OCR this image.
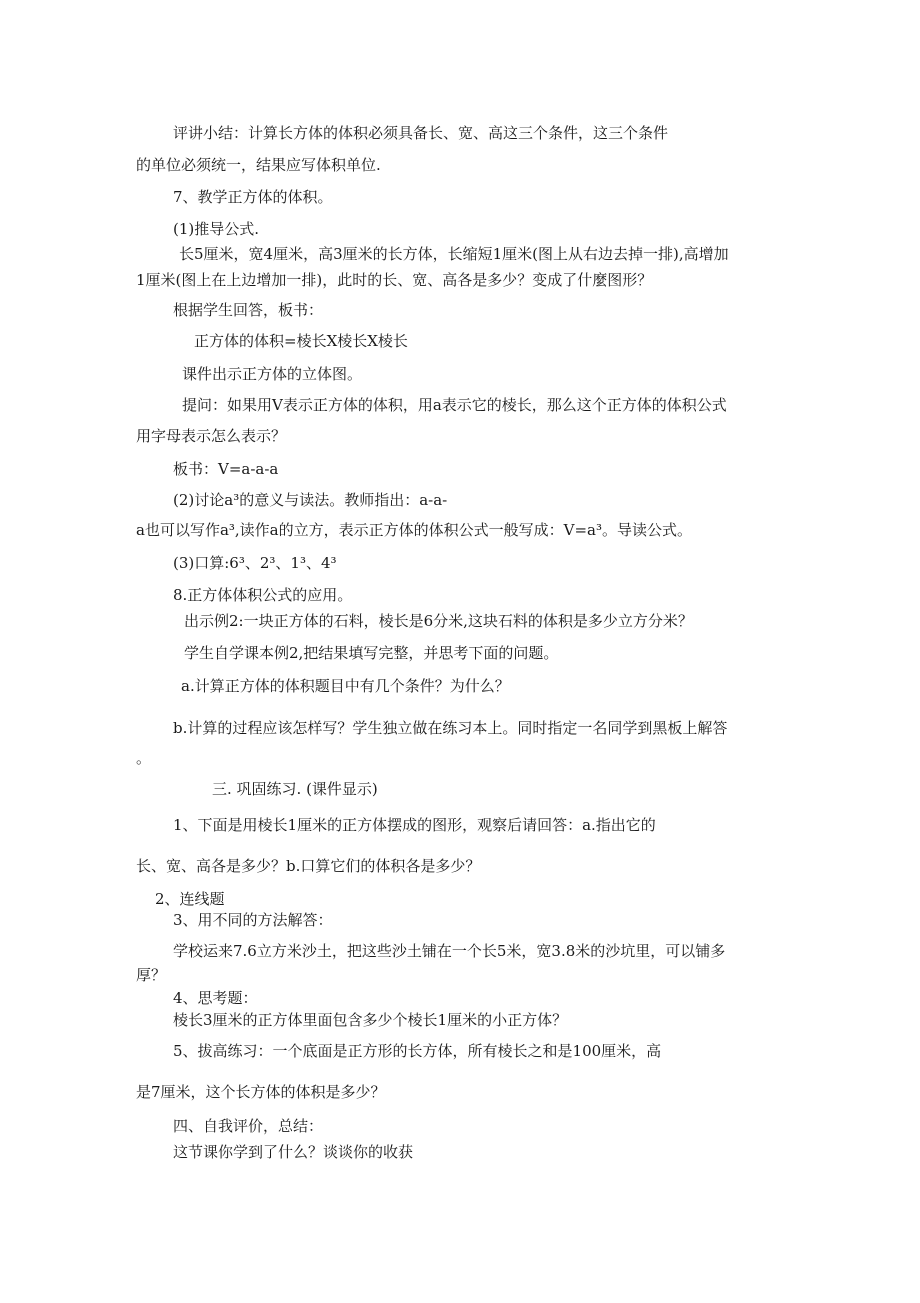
评讲小结：计算长方体的体积必须具备长、宽、高这三个条件，这三个条件
的单位必须统一，结果应写体积单位.
7、教学正方体的体积。
(1)推导公式.
长5厘米，宽4厘米，高3厘米的长方体，长缩短1厘米(图上从右边去掉一排),高增加
1厘米(图上在上边增加一排)，此时的长、宽、高各是多少？变成了什麼图形？
根据学生回答，板书：
正方体的体积=棱长X棱长X棱长
课件出示正方体的立体图。
提问：如果用V表示正方体的体积，用a表示它的棱长，那么这个正方体的体积公式
用字母表示怎么表示？
板书：V=a-a-a
(2)讨论a³的意义与读法。教师指出：a-a-
a也可以写作a³,读作a的立方，表示正方体的体积公式一般写成：V=a³。导读公式。
(3)口算:6³、2³、1³、4³
8.正方体体积公式的应用。
出示例2:一块正方体的石料，棱长是6分米,这块石料的体积是多少立方分米？
学生自学课本例2,把结果填写完整，并思考下面的问题。
a.计算正方体的体积题目中有几个条件？为什么？
b.计算的过程应该怎样写？学生独立做在练习本上。同时指定一名同学到黑板上解答
。
三. 巩固练习. (课件显示)
1、下面是用棱长1厘米的正方体摆成的图形，观察后请回答：a.指出它的
长、宽、高各是多少？b.口算它们的体积各是多少？
2、连线题
3、用不同的方法解答：
学校运来7.6立方米沙土，把这些沙土铺在一个长5米，宽3.8米的沙坑里，可以铺多
厚？
4、思考题：
棱长3厘米的正方体里面包含多少个棱长1厘米的小正方体？
5、拔高练习：一个底面是正方形的长方体，所有棱长之和是100厘米，高
是7厘米，这个长方体的体积是多少？
四、自我评价，总结：
这节课你学到了什么？谈谈你的收获
